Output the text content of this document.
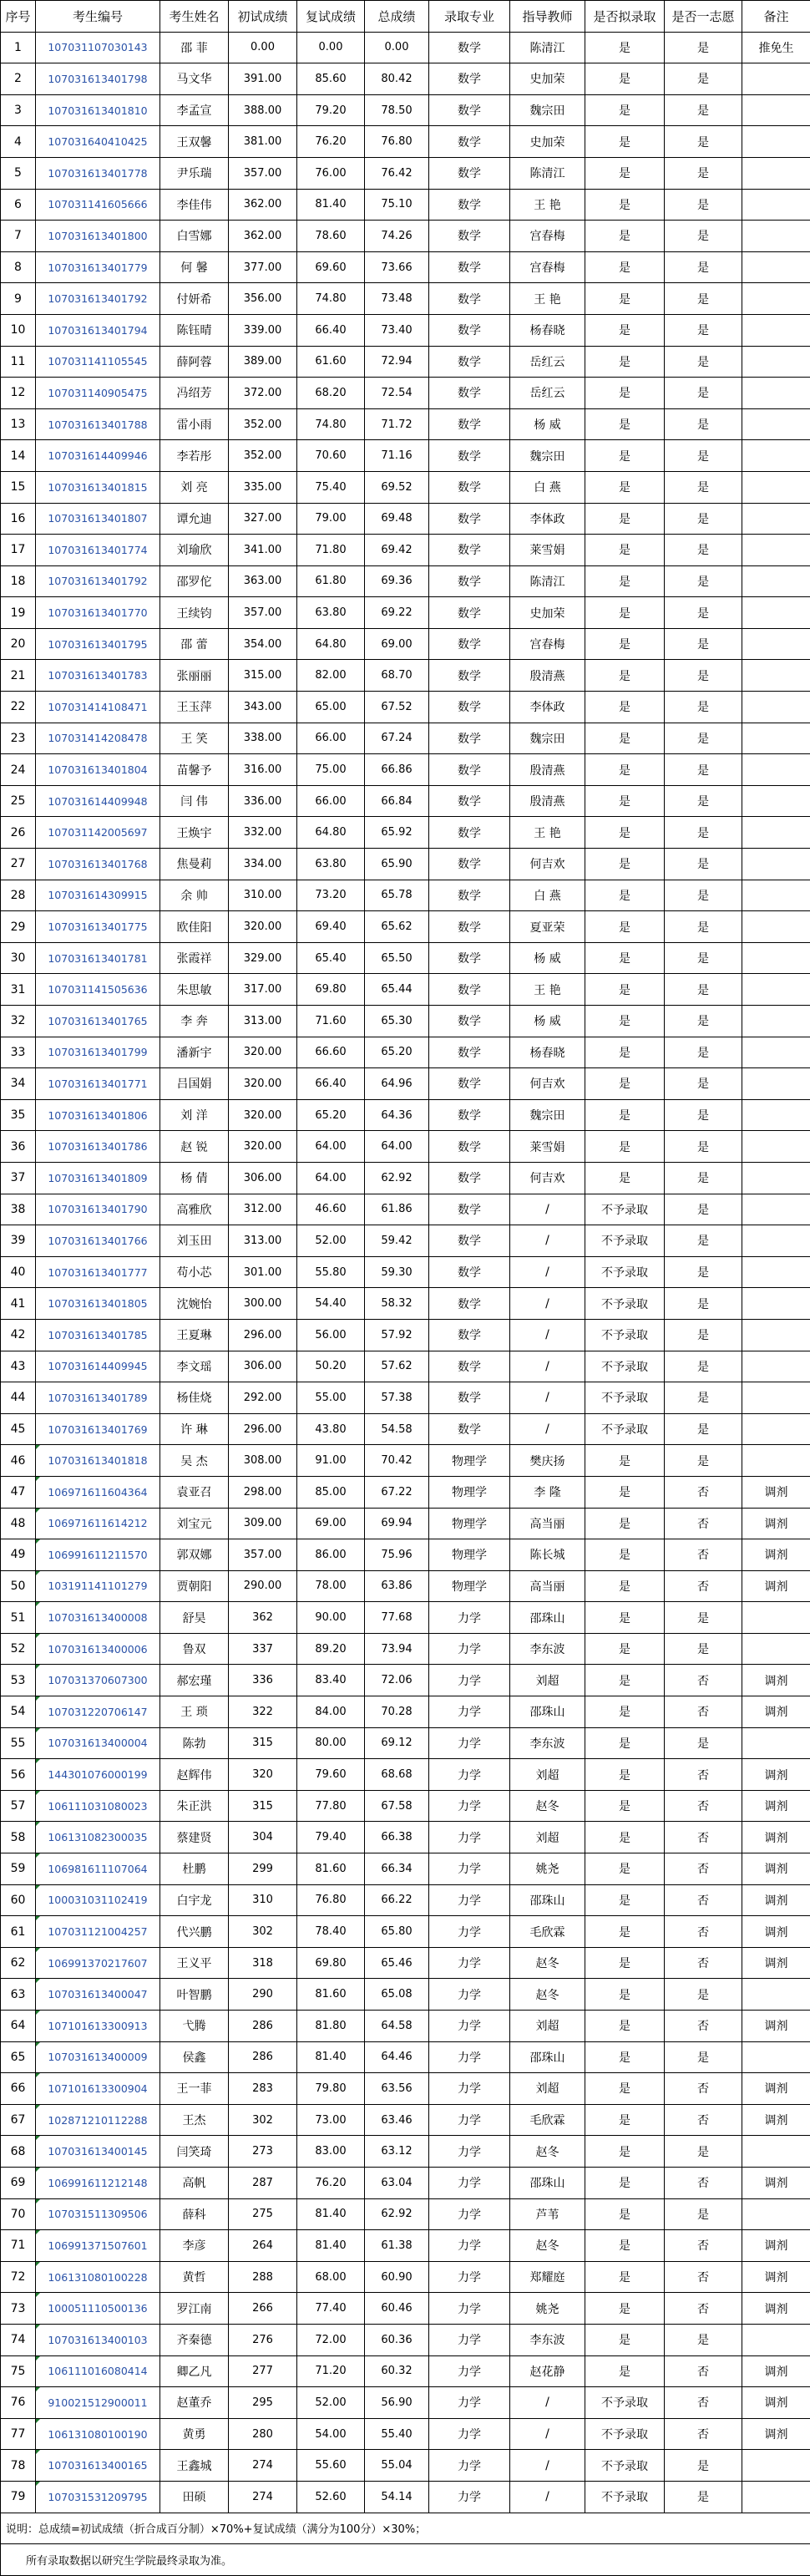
序号	考生编号	考生姓名	初试成绩	复试成绩	总成绩	录取专业	指导教师	是否拟录取	是否一志愿	备注
1	107031107030143	邵 菲	0.00	0.00	0.00	数学	陈清江	是	是	推免生
2	107031613401798	马文华	391.00	85.60	80.42	数学	史加荣	是	是	
3	107031613401810	李孟宣	388.00	79.20	78.50	数学	魏宗田	是	是	
4	107031640410425	王双馨	381.00	76.20	76.80	数学	史加荣	是	是	
5	107031613401778	尹乐瑞	357.00	76.00	76.42	数学	陈清江	是	是	
6	107031141605666	李佳伟	362.00	81.40	75.10	数学	王 艳	是	是	
7	107031613401800	白雪娜	362.00	78.60	74.26	数学	宫春梅	是	是	
8	107031613401779	何 馨	377.00	69.60	73.66	数学	宫春梅	是	是	
9	107031613401792	付妍希	356.00	74.80	73.48	数学	王 艳	是	是	
10	107031613401794	陈钰晴	339.00	66.40	73.40	数学	杨春晓	是	是	
11	107031141105545	薛阿蓉	389.00	61.60	72.94	数学	岳红云	是	是	
12	107031140905475	冯绍芳	372.00	68.20	72.54	数学	岳红云	是	是	
13	107031613401788	雷小雨	352.00	74.80	71.72	数学	杨 威	是	是	
14	107031614409946	李若彤	352.00	70.60	71.16	数学	魏宗田	是	是	
15	107031613401815	刘 亮	335.00	75.40	69.52	数学	白 燕	是	是	
16	107031613401807	谭允迪	327.00	79.00	69.48	数学	李体政	是	是	
17	107031613401774	刘瑜欣	341.00	71.80	69.42	数学	莱雪娟	是	是	
18	107031613401792	邵罗佗	363.00	61.80	69.36	数学	陈清江	是	是	
19	107031613401770	王续钧	357.00	63.80	69.22	数学	史加荣	是	是	
20	107031613401795	邵 蕾	354.00	64.80	69.00	数学	宫春梅	是	是	
21	107031613401783	张丽丽	315.00	82.00	68.70	数学	殷清燕	是	是	
22	107031414108471	王玉萍	343.00	65.00	67.52	数学	李体政	是	是	
23	107031414208478	王 笑	338.00	66.00	67.24	数学	魏宗田	是	是	
24	107031613401804	苗馨予	316.00	75.00	66.86	数学	殷清燕	是	是	
25	107031614409948	闫 伟	336.00	66.00	66.84	数学	殷清燕	是	是	
26	107031142005697	王焕宇	332.00	64.80	65.92	数学	王 艳	是	是	
27	107031613401768	焦曼莉	334.00	63.80	65.90	数学	何吉欢	是	是	
28	107031614309915	余 帅	310.00	73.20	65.78	数学	白 燕	是	是	
29	107031613401775	欧佳阳	320.00	69.40	65.62	数学	夏亚荣	是	是	
30	107031613401781	张霞祥	329.00	65.40	65.50	数学	杨 威	是	是	
31	107031141505636	朱思敏	317.00	69.80	65.44	数学	王 艳	是	是	
32	107031613401765	李 奔	313.00	71.60	65.30	数学	杨 威	是	是	
33	107031613401799	潘新宇	320.00	66.60	65.20	数学	杨春晓	是	是	
34	107031613401771	吕国娟	320.00	66.40	64.96	数学	何吉欢	是	是	
35	107031613401806	刘 洋	320.00	65.20	64.36	数学	魏宗田	是	是	
36	107031613401786	赵 锐	320.00	64.00	64.00	数学	莱雪娟	是	是	
37	107031613401809	杨 倩	306.00	64.00	62.92	数学	何吉欢	是	是	
38	107031613401790	高雅欣	312.00	46.60	61.86	数学	/	不予录取	是	
39	107031613401766	刘玉田	313.00	52.00	59.42	数学	/	不予录取	是	
40	107031613401777	苟小芯	301.00	55.80	59.30	数学	/	不予录取	是	
41	107031613401805	沈婉怡	300.00	54.40	58.32	数学	/	不予录取	是	
42	107031613401785	王夏琳	296.00	56.00	57.92	数学	/	不予录取	是	
43	107031614409945	李文瑶	306.00	50.20	57.62	数学	/	不予录取	是	
44	107031613401789	杨佳烧	292.00	55.00	57.38	数学	/	不予录取	是	
45	107031613401769	许 琳	296.00	43.80	54.58	数学	/	不予录取	是	
46	107031613401818	吴 杰	308.00	91.00	70.42	物理学	樊庆扬	是	是	
47	106971611604364	袁亚召	298.00	85.00	67.22	物理学	李 隆	是	否	调剂
48	106971611614212	刘宝元	309.00	69.00	69.94	物理学	高当丽	是	否	调剂
49	106991611211570	郭双娜	357.00	86.00	75.96	物理学	陈长城	是	否	调剂
50	103191141101279	贾朝阳	290.00	78.00	63.86	物理学	高当丽	是	否	调剂
51	107031613400008	舒昊	362	90.00	77.68	力学	邵珠山	是	是	
52	107031613400006	鲁双	337	89.20	73.94	力学	李东波	是	是	
53	107031370607300	郝宏瑾	336	83.40	72.06	力学	刘超	是	否	调剂
54	107031220706147	王 琐	322	84.00	70.28	力学	邵珠山	是	否	调剂
55	107031613400004	陈勃	315	80.00	69.12	力学	李东波	是	是	
56	144301076000199	赵辉伟	320	79.60	68.68	力学	刘超	是	否	调剂
57	106111031080023	朱正洪	315	77.80	67.58	力学	赵冬	是	否	调剂
58	106131082300035	蔡建贤	304	79.40	66.38	力学	刘超	是	否	调剂
59	106981611107064	杜鹏	299	81.60	66.34	力学	姚尧	是	否	调剂
60	100031031102419	白宇龙	310	76.80	66.22	力学	邵珠山	是	否	调剂
61	107031121004257	代兴鹏	302	78.40	65.80	力学	毛欣霖	是	否	调剂
62	106991370217607	王义平	318	69.80	65.46	力学	赵冬	是	否	调剂
63	107031613400047	叶智鹏	290	81.60	65.08	力学	赵冬	是	是	
64	107101613300913	弋腾	286	81.80	64.58	力学	刘超	是	否	调剂
65	107031613400009	侯鑫	286	81.40	64.46	力学	邵珠山	是	是	
66	107101613300904	王一菲	283	79.80	63.56	力学	刘超	是	否	调剂
67	102871210112288	王杰	302	73.00	63.46	力学	毛欣霖	是	否	调剂
68	107031613400145	闫笑琦	273	83.00	63.12	力学	赵冬	是	是	
69	106991611212148	高帆	287	76.20	63.04	力学	邵珠山	是	否	调剂
70	107031511309506	薛科	275	81.40	62.92	力学	芦苇	是	是	
71	106991371507601	李彦	264	81.40	61.38	力学	赵冬	是	否	调剂
72	106131080100228	黄哲	288	68.00	60.90	力学	郑耀庭	是	否	调剂
73	100051110500136	罗江南	266	77.40	60.46	力学	姚尧	是	否	调剂
74	107031613400103	齐秦德	276	72.00	60.36	力学	李东波	是	是	
75	106111016080414	卿乙凡	277	71.20	60.32	力学	赵花静	是	否	调剂
76	910021512900011	赵董乔	295	52.00	56.90	力学	/	不予录取	否	调剂
77	106131080100190	黄勇	280	54.00	55.40	力学	/	不予录取	否	调剂
78	107031613400165	王鑫城	274	55.60	55.04	力学	/	不予录取	是	
79	107031531209795	田硕	274	52.60	54.14	力学	/	不予录取	是	
说明：总成绩=初试成绩（折合成百分制）×70%+复试成绩（满分为100分）×30%；										
所有录取数据以研究生学院最终录取为准。										
